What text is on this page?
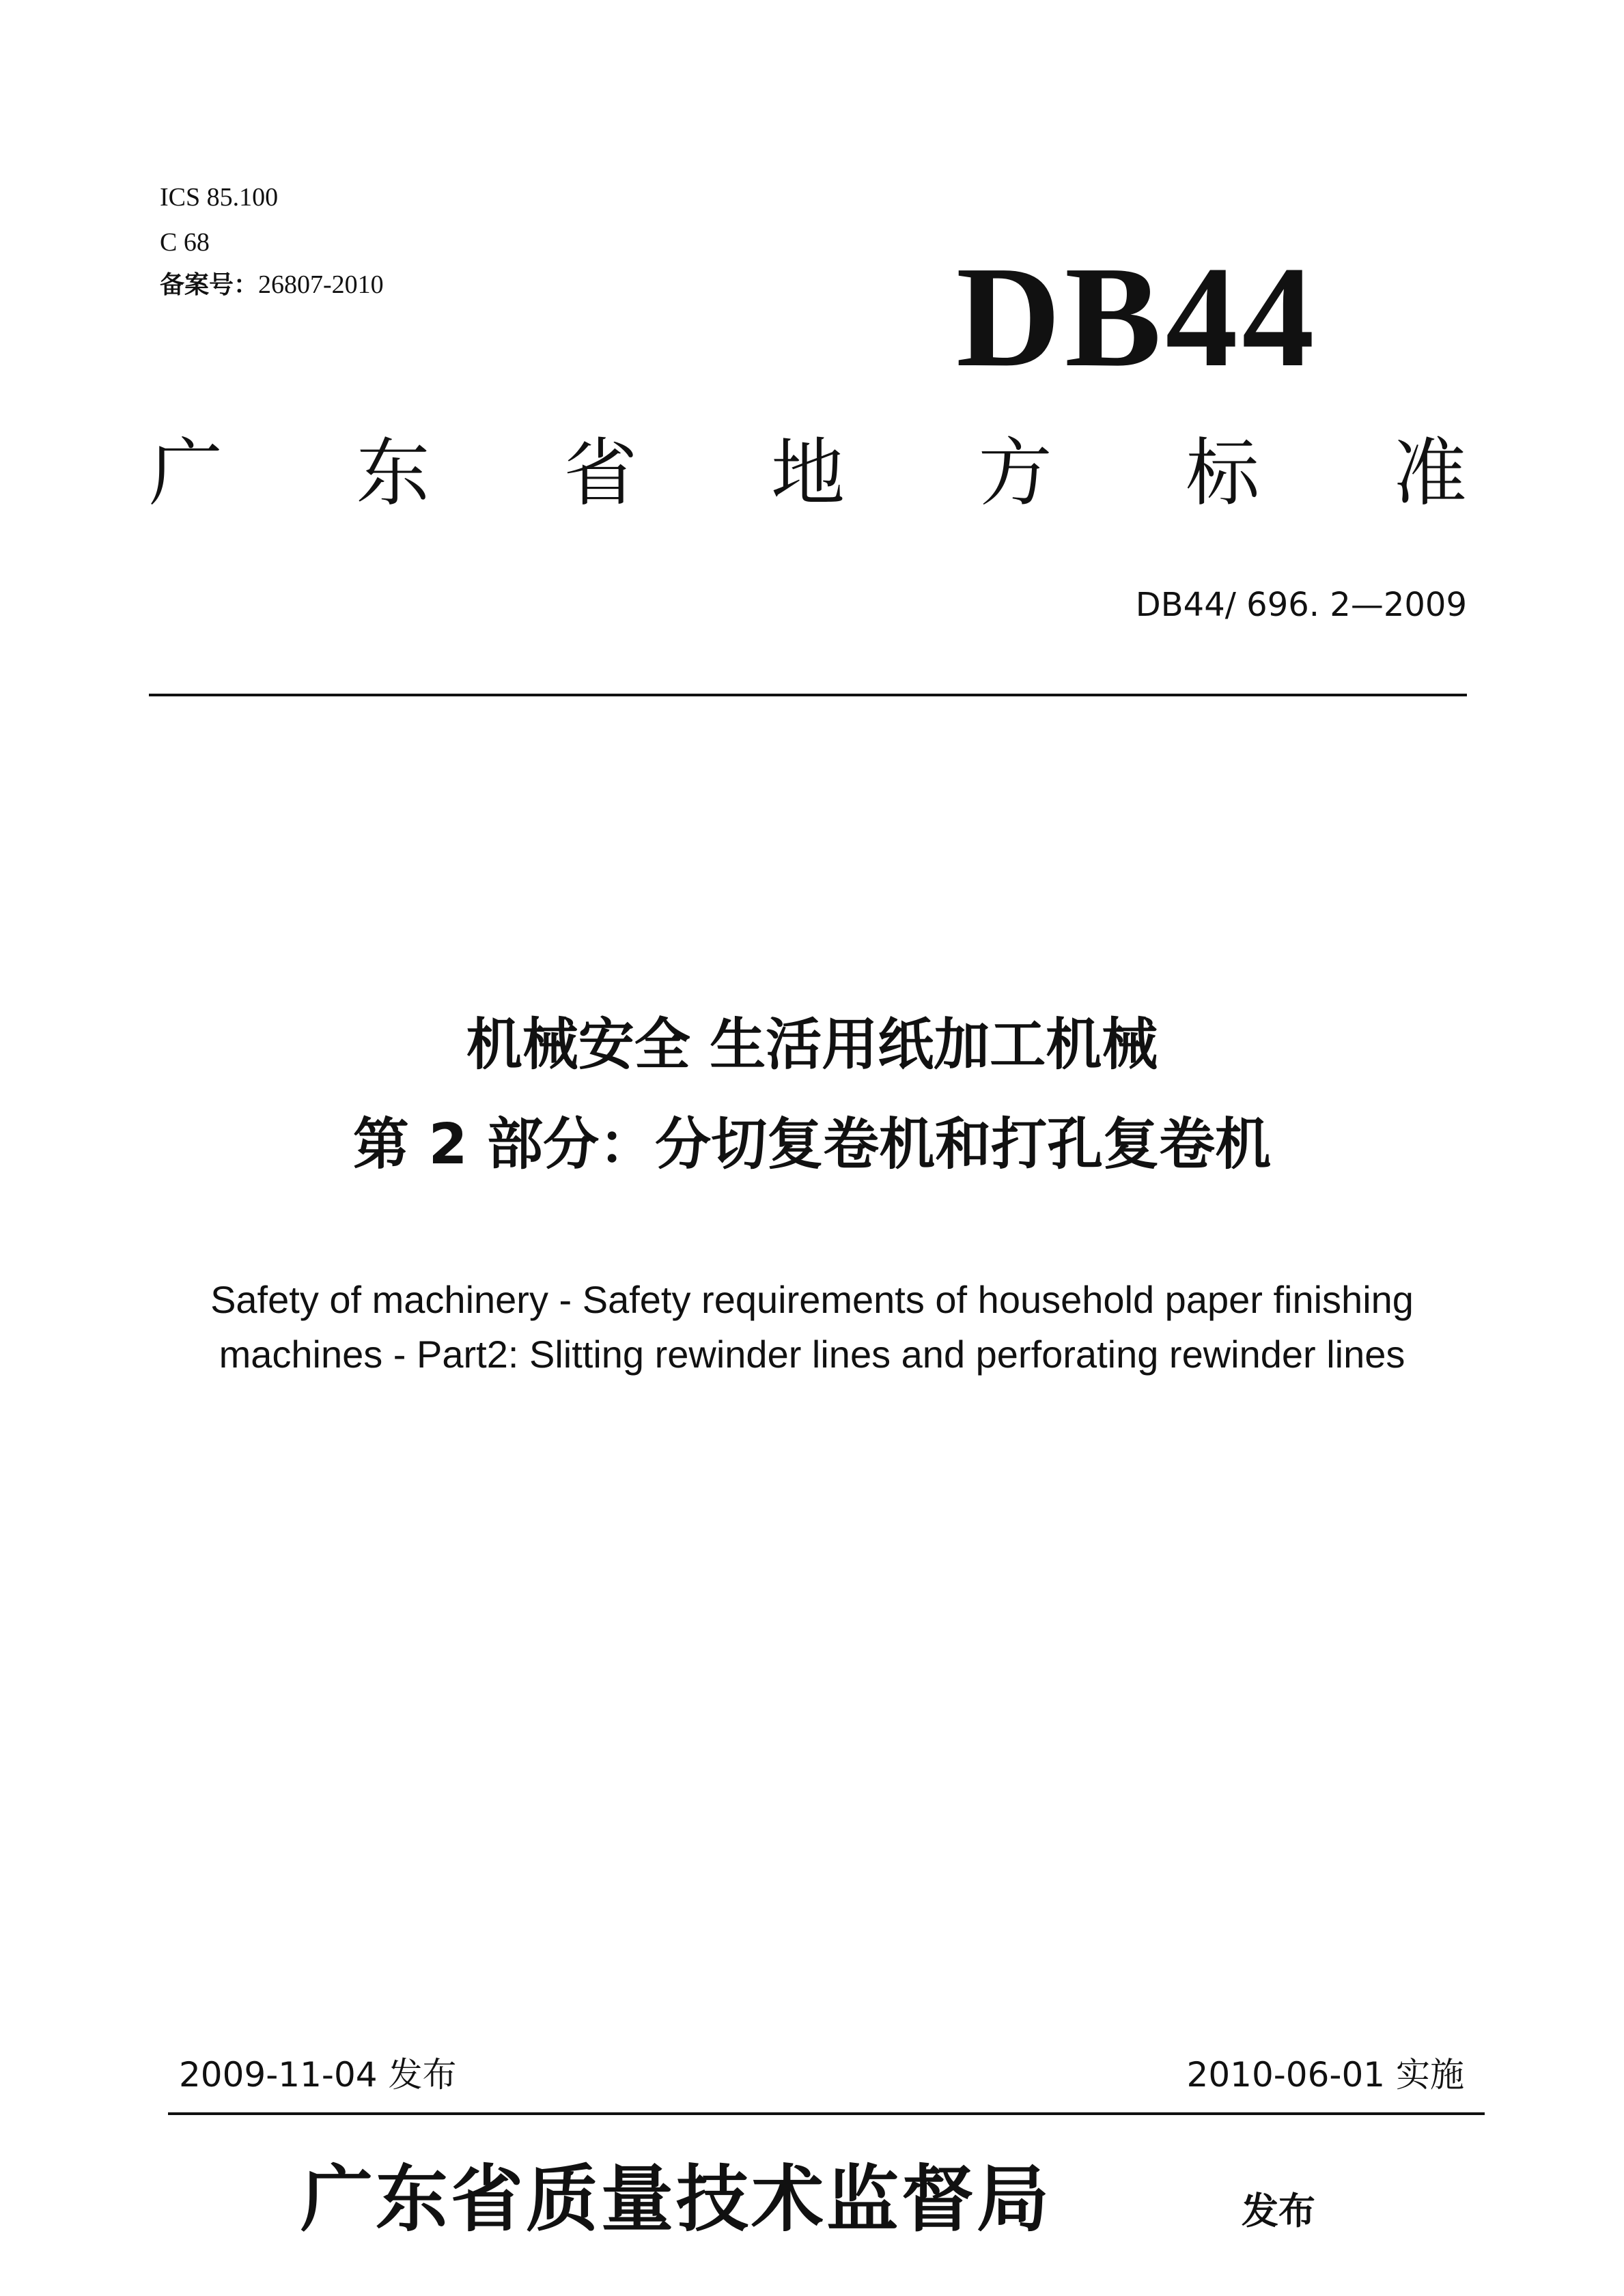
ICS 85.100
C 68
备案号：26807-2010	DB44
广 东 省 地 方 标 准
DB44/ 696. 2—2009
机械安全 生活用纸加工机械
第 2 部分：分切复卷机和打孔复卷机
Safety of machinery - Safety requirements of household paper finishing
machines - Part2: Slitting rewinder lines and perforating rewinder lines
2009-11-04 发布	2010-06-01 实施
广东省质量技术监督局	发布
